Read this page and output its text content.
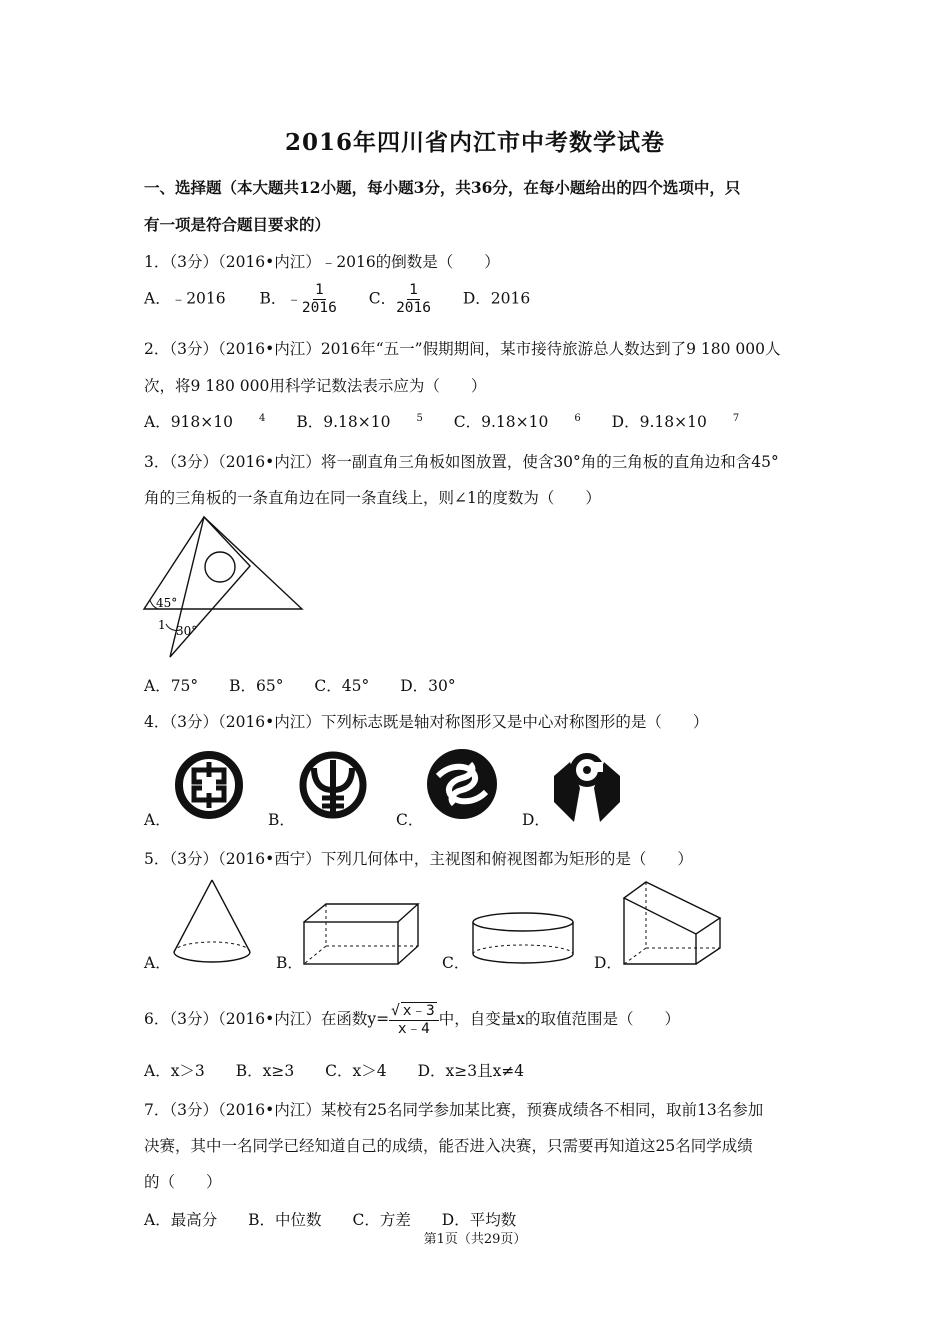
2016年四川省内江市中考数学试卷
一、选择题（本大题共12小题，每小题3分，共36分，在每小题给出的四个选项中，只
有一项是符合题目要求的）
1．（3分）（2016•内江）﹣2016的倒数是（　　）
A．﹣2016 B．﹣ $\frac{1}{2016}$ C． $\frac{1}{2016}$ D．2016
2．（3分）（2016•内江）2016年“五一”假期期间，某市接待旅游总人数达到了9 180 000人
次，将9 180 000用科学记数法表示应为（　　）
A．918×10	$^4$ B．9.18×10	$^5$ C．9.18×10	$^6$ D．9.18×10	$^7$
3．（3分）（2016•内江）将一副直角三角板如图放置，使含30°角的三角板的直角边和含45°
角的三角板的一条直角边在同一条直线上，则∠1的度数为（　　）
45°
1 30°
A．75° B．65° C．45° D．30°
4．（3分）（2016•内江）下列标志既是轴对称图形又是中心对称图形的是（　　）
A．	B．	C．	D．
5．（3分）（2016•西宁）下列几何体中，主视图和俯视图都为矩形的是（　　）
A．	B．	C．	D．
6．（3分）（2016•内江）在函数$y= \frac{√ x﹣3}{x﹣4}$ 中，自变量x的取值范围是（　　）
A．x＞3 B．x≥3 C．x＞4 D．x≥3且x≠4
7．（3分）（2016•内江）某校有25名同学参加某比赛，预赛成绩各不相同，取前13名参加
决赛，其中一名同学已经知道自己的成绩，能否进入决赛，只需要再知道这25名同学成绩
的（　　）
A．最高分 B．中位数 C．方差 D．平均数
第1页（共29页）
